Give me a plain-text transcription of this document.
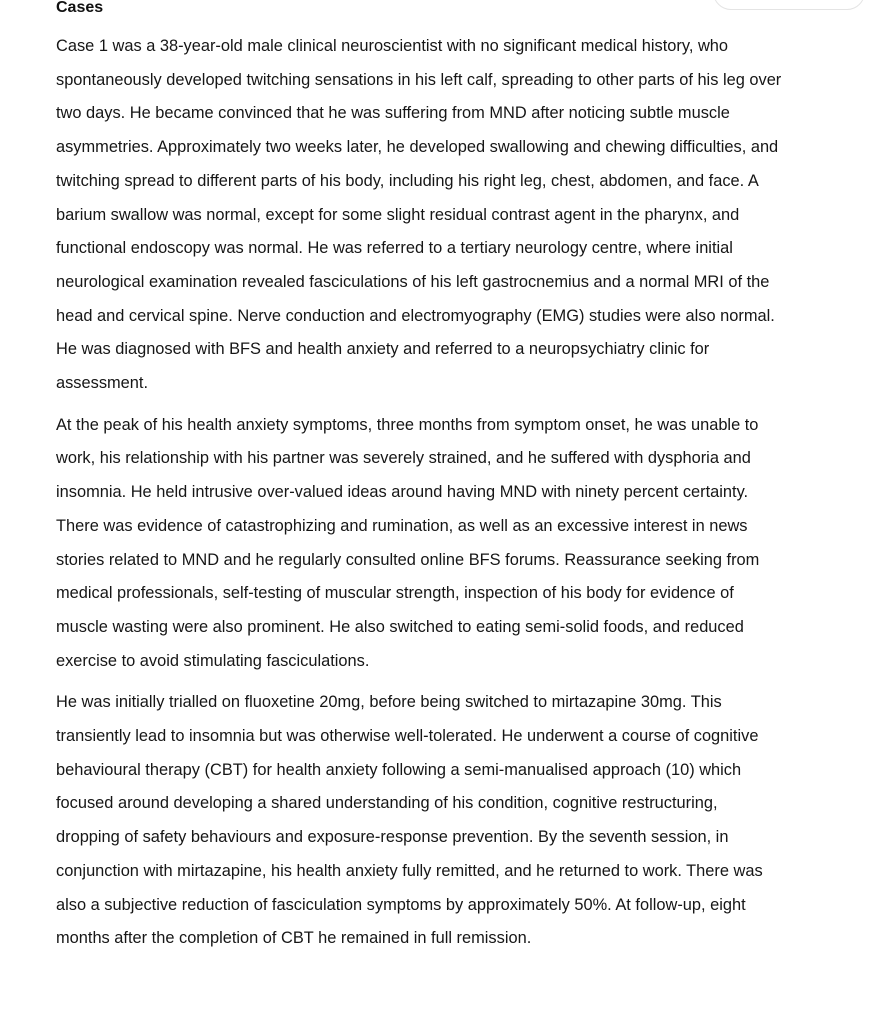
Cases

Case 1 was a 38-year-old male clinical neuroscientist with no significant medical history, who
spontaneously developed twitching sensations in his left calf, spreading to other parts of his leg over
two days. He became convinced that he was suffering from MND after noticing subtle muscle
asymmetries. Approximately two weeks later, he developed swallowing and chewing difficulties, and
twitching spread to different parts of his body, including his right leg, chest, abdomen, and face. A
barium swallow was normal, except for some slight residual contrast agent in the pharynx, and
functional endoscopy was normal. He was referred to a tertiary neurology centre, where initial
neurological examination revealed fasciculations of his left gastrocnemius and a normal MRI of the
head and cervical spine. Nerve conduction and electromyography (EMG) studies were also normal.
He was diagnosed with BFS and health anxiety and referred to a neuropsychiatry clinic for
assessment.

At the peak of his health anxiety symptoms, three months from symptom onset, he was unable to
work, his relationship with his partner was severely strained, and he suffered with dysphoria and
insomnia. He held intrusive over-valued ideas around having MND with ninety percent certainty.
There was evidence of catastrophizing and rumination, as well as an excessive interest in news
stories related to MND and he regularly consulted online BFS forums. Reassurance seeking from
medical professionals, self-testing of muscular strength, inspection of his body for evidence of
muscle wasting were also prominent. He also switched to eating semi-solid foods, and reduced
exercise to avoid stimulating fasciculations.

He was initially trialled on fluoxetine 20mg, before being switched to mirtazapine 30mg. This
transiently lead to insomnia but was otherwise well-tolerated. He underwent a course of cognitive
behavioural therapy (CBT) for health anxiety following a semi-manualised approach (10) which
focused around developing a shared understanding of his condition, cognitive restructuring,
dropping of safety behaviours and exposure-response prevention. By the seventh session, in
conjunction with mirtazapine, his health anxiety fully remitted, and he returned to work. There was
also a subjective reduction of fasciculation symptoms by approximately 50%. At follow-up, eight
months after the completion of CBT he remained in full remission.
